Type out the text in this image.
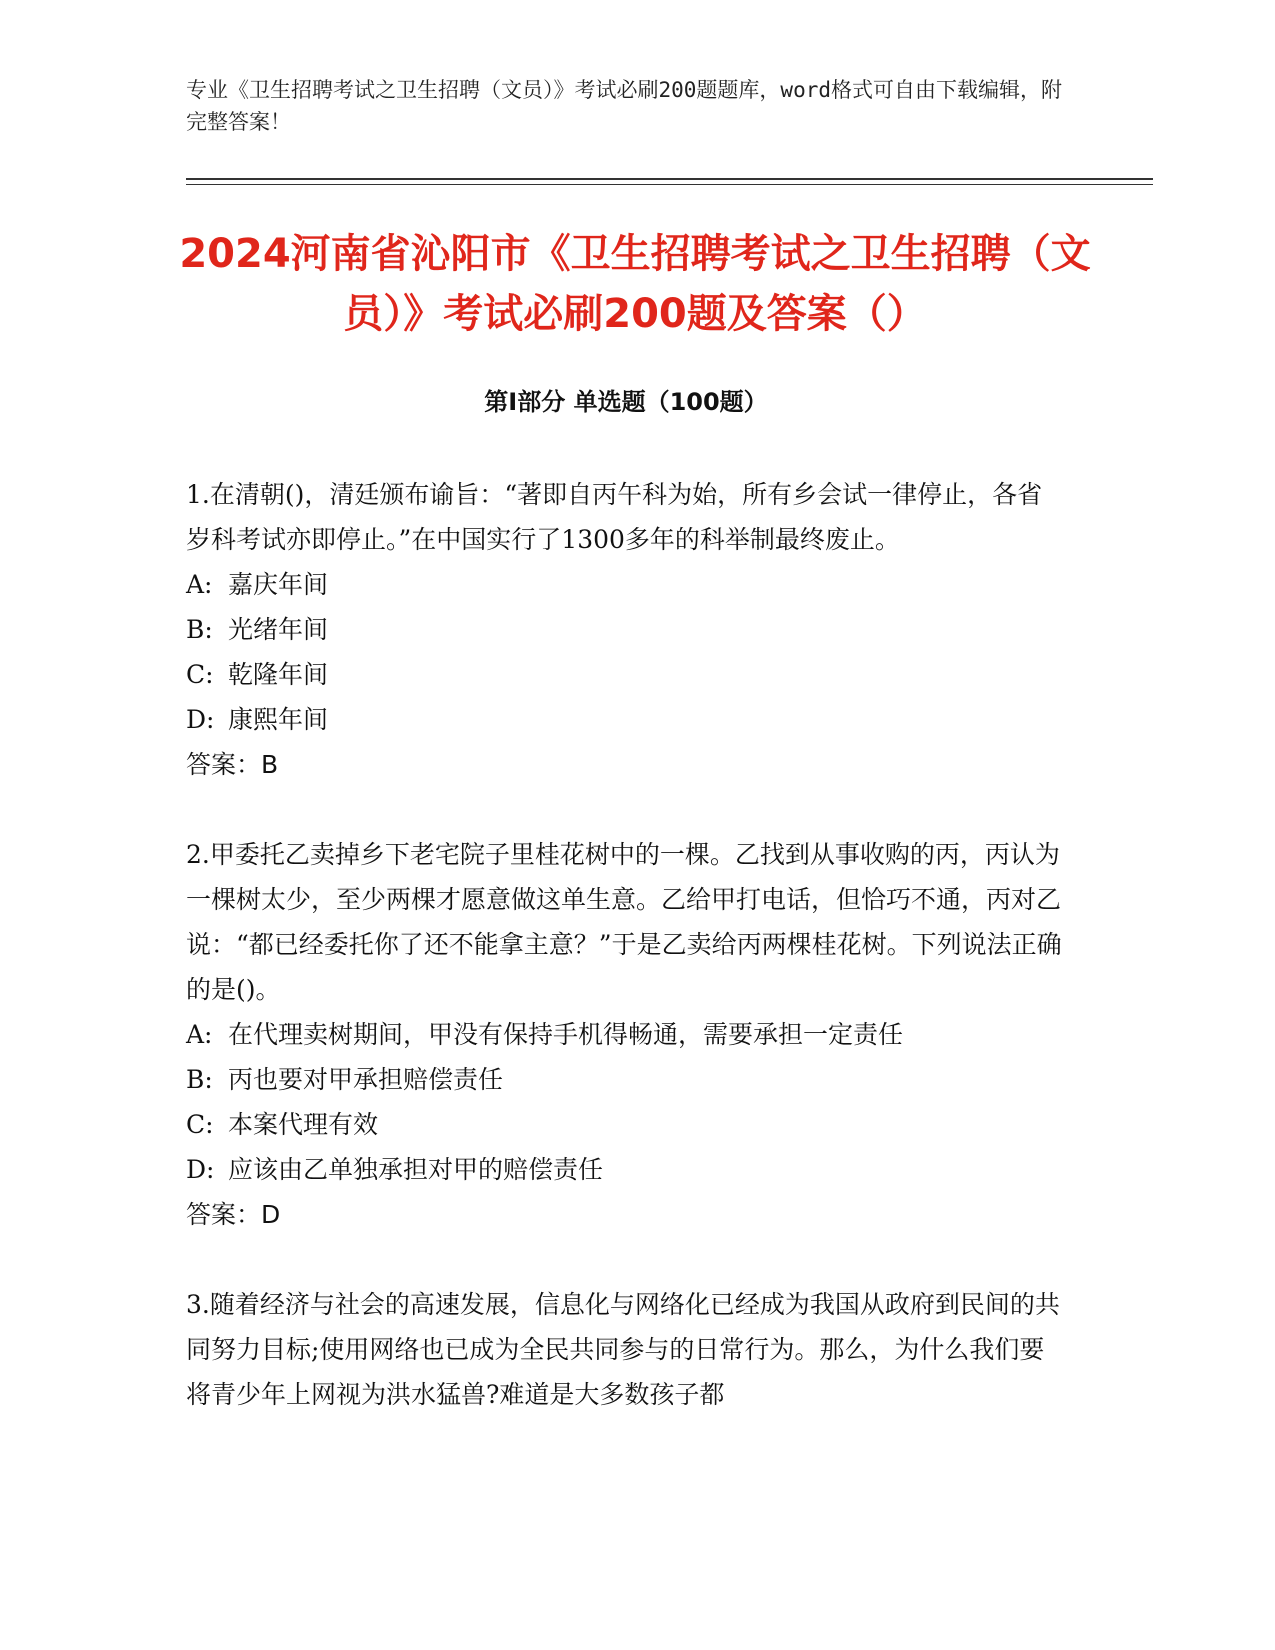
专业《卫生招聘考试之卫生招聘（文员）》考试必刷200题题库，word格式可自由下载编辑，附完整答案！
2024河南省沁阳市《卫生招聘考试之卫生招聘（文员）》考试必刷200题及答案（）
第Ⅰ部分 单选题（100题）

1.在清朝()，清廷颁布谕旨：“著即自丙午科为始，所有乡会试一律停止，各省岁科考试亦即停止。”在中国实行了1300多年的科举制最终废止。

A: 嘉庆年间

B: 光绪年间

C: 乾隆年间

D: 康熙年间

答案：B

2.甲委托乙卖掉乡下老宅院子里桂花树中的一棵。乙找到从事收购的丙，丙认为一棵树太少，至少两棵才愿意做这单生意。乙给甲打电话，但恰巧不通，丙对乙说：“都已经委托你了还不能拿主意？”于是乙卖给丙两棵桂花树。下列说法正确的是()。

A: 在代理卖树期间，甲没有保持手机得畅通，需要承担一定责任

B: 丙也要对甲承担赔偿责任

C: 本案代理有效

D: 应该由乙单独承担对甲的赔偿责任

答案：D

3.随着经济与社会的高速发展，信息化与网络化已经成为我国从政府到民间的共同努力目标;使用网络也已成为全民共同参与的日常行为。那么，为什么我们要将青少年上网视为洪水猛兽?难道是大多数孩子都
